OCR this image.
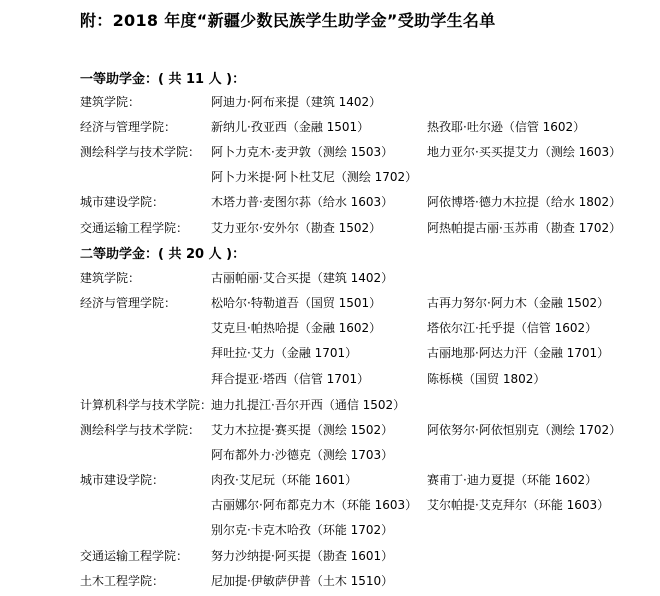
附：2018 年度“新疆少数民族学生助学金”受助学生名单
一等助学金：( 共 11 人 )：
建筑学院：	阿迪力·阿布来提（建筑 1402）
经济与管理学院：	新纳儿·孜亚西（金融 1501）	热孜耶·吐尔逊（信管 1602）
测绘科学与技术学院： 阿卜力克木·麦尹敦（测绘 1503）	地力亚尔·买买提艾力（测绘 1603）
阿卜力米提·阿卜杜艾尼（测绘 1702）
城市建设学院：	木塔力普·麦图尔荪（给水 1603）	阿依博塔·德力木拉提（给水 1802）
交通运输工程学院： 艾力亚尔·安外尔（勘查 1502）	阿热帕提古丽·玉苏甫（勘查 1702）
二等助学金：( 共 20 人 )：
建筑学院：	古丽帕丽·艾合买提（建筑 1402）
经济与管理学院：	松哈尔·特勒道吾（国贸 1501）	古再力努尔·阿力木（金融 1502）
艾克旦·帕热哈提（金融 1602）	塔依尔江·托乎提（信管 1602）
拜吐拉·艾力（金融 1701）	古丽地那·阿达力汗（金融 1701）
拜合提亚·塔西（信管 1701）	陈栎楧（国贸 1802）
计算机科学与技术学院：
迪力扎提江·吾尔开西（通信 1502）
测绘科学与技术学院： 艾力木拉提·赛买提（测绘 1502）	阿依努尔·阿依恒别克（测绘 1702）
阿布都外力·沙德克（测绘 1703）
城市建设学院：	肉孜·艾尼玩（环能 1601）	赛甫丁·迪力夏提（环能 1602）
古丽娜尔·阿布都克力木（环能 1603） 艾尔帕提·艾克拜尔（环能 1603）
别尔克·卡克木哈孜（环能 1702）
交通运输工程学院： 努力沙纳提·阿买提（勘查 1601）
土木工程学院：	尼加提·伊敏萨伊普（土木 1510）
